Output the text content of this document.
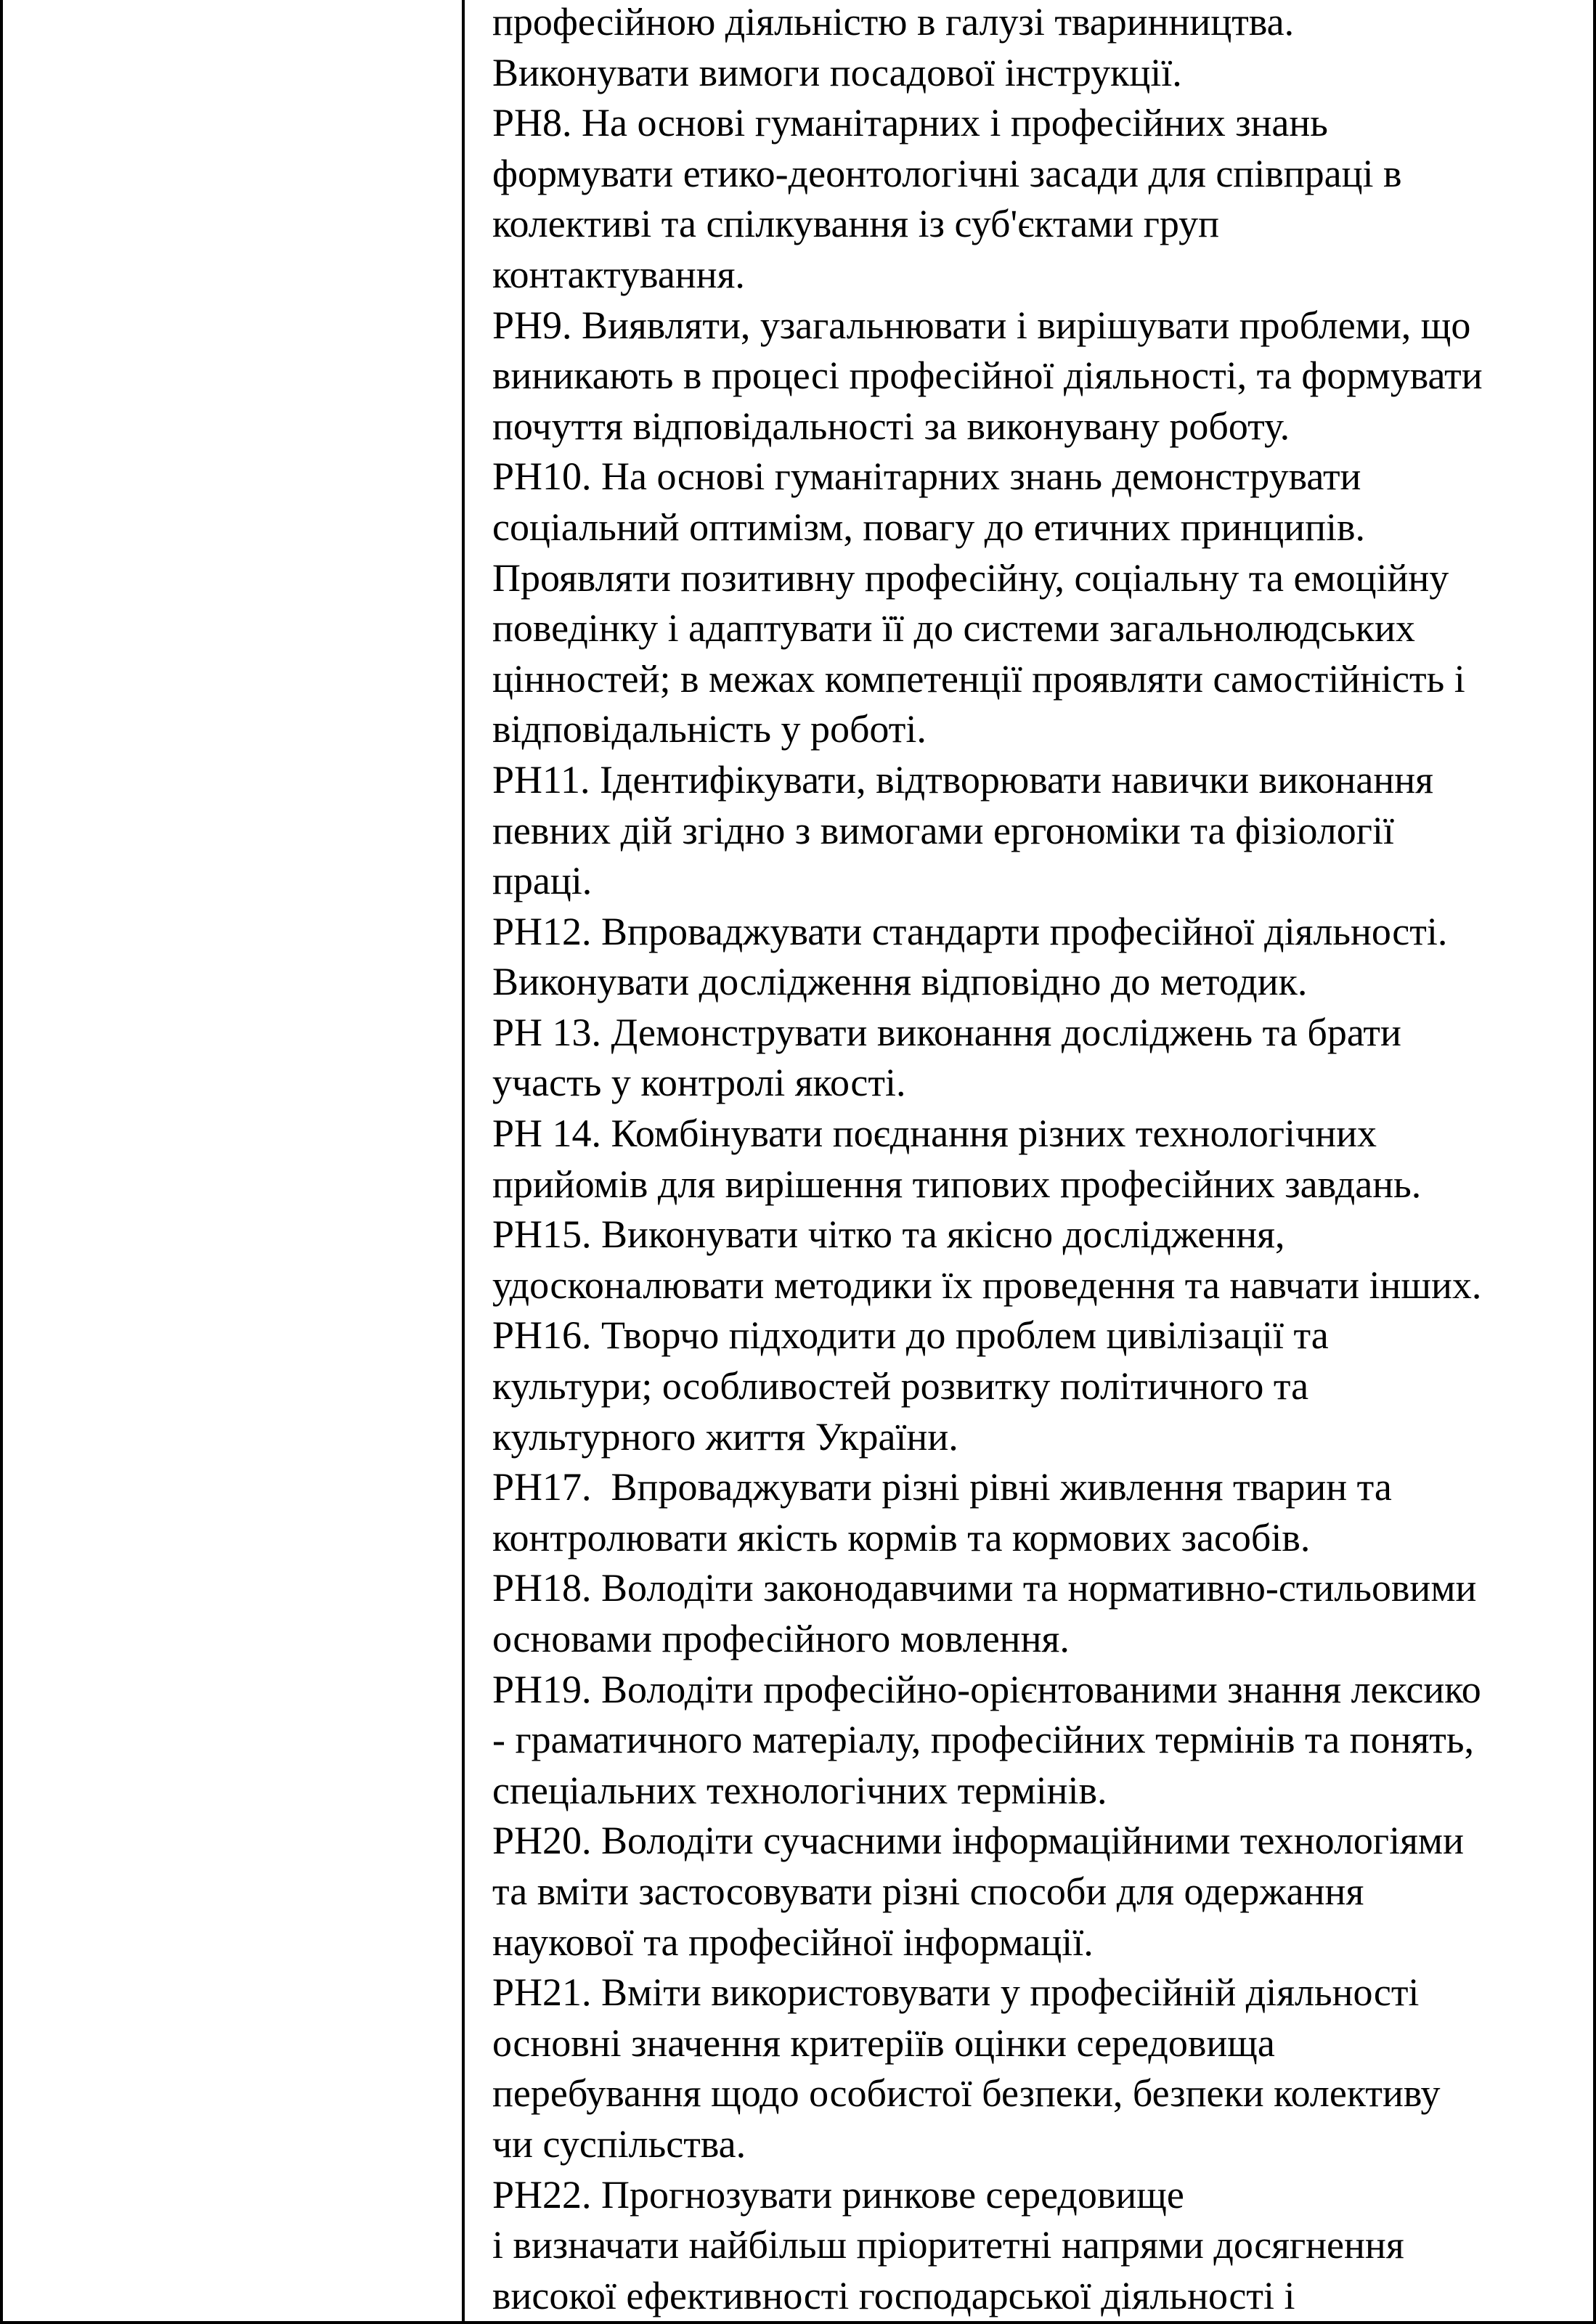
професійною діяльністю в галузі тваринництва.
Виконувати вимоги посадової інструкції.
РН8. На основі гуманітарних і професійних знань
формувати етико-деонтологічні засади для співпраці в
колективі та спілкування із суб'єктами груп
контактування.
РН9. Виявляти, узагальнювати і вирішувати проблеми, що
виникають в процесі професійної діяльності, та формувати
почуття відповідальності за виконувану роботу.
РН10. На основі гуманітарних знань демонструвати
соціальний оптимізм, повагу до етичних принципів.
Проявляти позитивну професійну, соціальну та емоційну
поведінку і адаптувати її до системи загальнолюдських
цінностей; в межах компетенції проявляти самостійність і
відповідальність у роботі.
РН11. Ідентифікувати, відтворювати навички виконання
певних дій згідно з вимогами ергономіки та фізіології
праці.
РН12. Впроваджувати стандарти професійної діяльності.
Виконувати дослідження відповідно до методик.
РН 13. Демонструвати виконання досліджень та брати
участь у контролі якості.
РН 14. Комбінувати поєднання різних технологічних
прийомів для вирішення типових професійних завдань.
РН15. Виконувати чітко та якісно дослідження,
удосконалювати методики їх проведення та навчати інших.
РН16. Творчо підходити до проблем цивілізації та
культури; особливостей розвитку політичного та
культурного життя України.
РН17.  Впроваджувати різні рівні живлення тварин та
контролювати якість кормів та кормових засобів.
РН18. Володіти законодавчими та нормативно-стильовими
основами професійного мовлення.
РН19. Володіти професійно-орієнтованими знання лексико
- граматичного матеріалу, професійних термінів та понять,
спеціальних технологічних термінів.
РН20. Володіти сучасними інформаційними технологіями
та вміти застосовувати різні способи для одержання
наукової та професійної інформації.
РН21. Вміти використовувати у професійній діяльності
основні значення критеріїв оцінки середовища
перебування щодо особистої безпеки, безпеки колективу
чи суспільства.
РН22. Прогнозувати ринкове середовище
і визначати найбільш пріоритетні напрями досягнення
високої ефективності господарської діяльності і
